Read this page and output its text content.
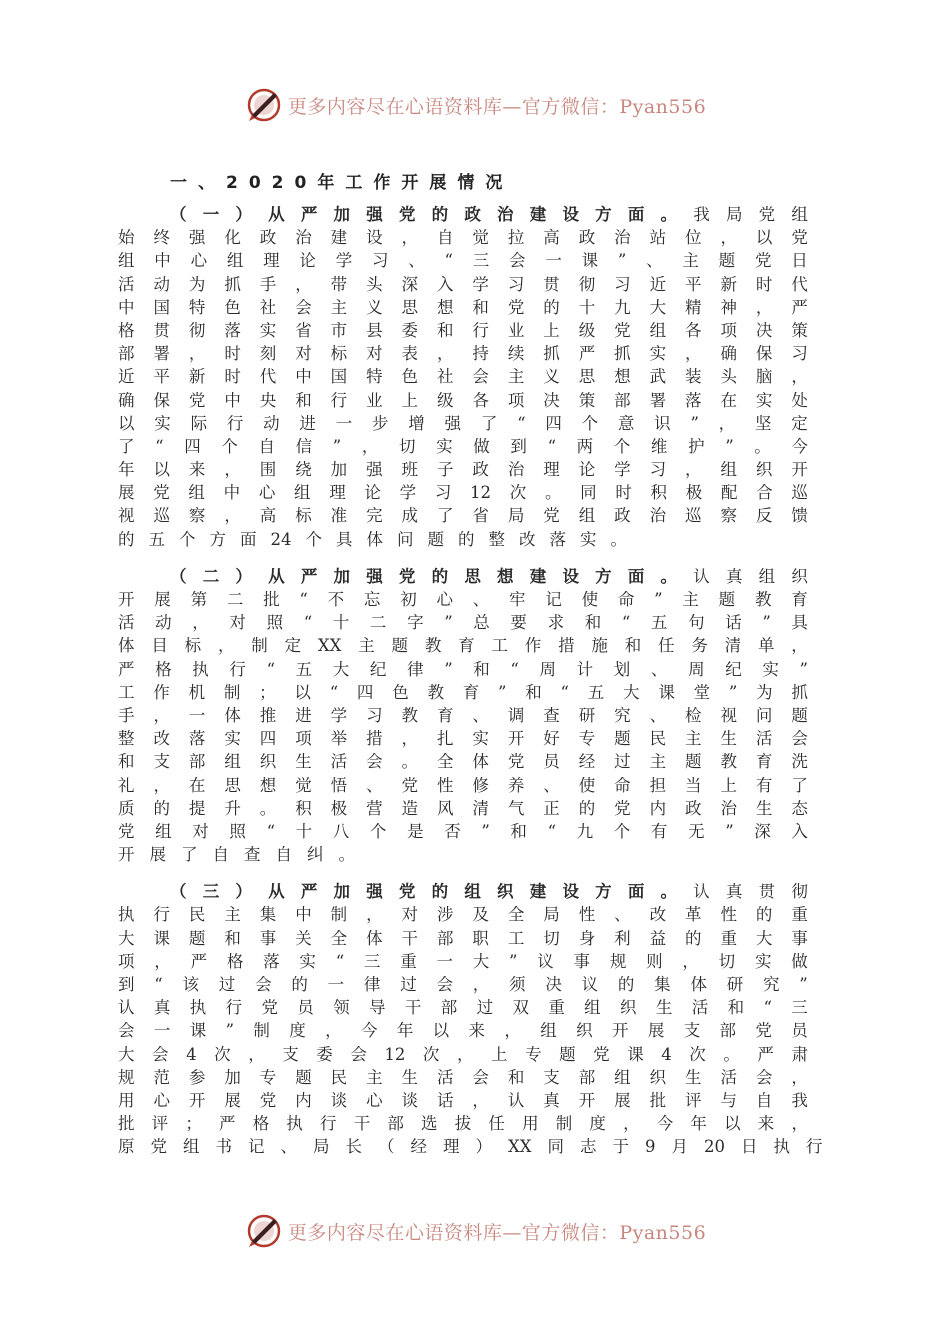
更多内容尽在心语资料库—官方微信：Pyan556
一、2020年工作开展情况
（ 一 ） 从 严 加 强 党 的 政 治 建 设 方 面 。 我 局 党 组
始 终 强 化 政 治 建 设 ， 自 觉 拉 高 政 治 站 位 ， 以 党
组 中 心 组 理 论 学 习 、 “ 三 会 一 课 ” 、 主 题 党 日
活 动 为 抓 手 ， 带 头 深 入 学 习 贯 彻 习 近 平 新 时 代
中 国 特 色 社 会 主 义 思 想 和 党 的 十 九 大 精 神 ， 严
格 贯 彻 落 实 省 市 县 委 和 行 业 上 级 党 组 各 项 决 策
部 署 ， 时 刻 对 标 对 表 ， 持 续 抓 严 抓 实 ， 确 保 习
近 平 新 时 代 中 国 特 色 社 会 主 义 思 想 武 装 头 脑 ，
确 保 党 中 央 和 行 业 上 级 各 项 决 策 部 署 落 在 实 处
以 实 际 行 动 进 一 步 增 强 了 “ 四 个 意 识 ” ， 坚 定
了 “ 四 个 自 信 ” ， 切 实 做 到 “ 两 个 维 护 ” 。 今
年 以 来 ， 围 绕 加 强 班 子 政 治 理 论 学 习 ， 组 织 开
展 党 组 中 心 组 理 论 学 习 12 次 。 同 时 积 极 配 合 巡
视 巡 察 ， 高 标 准 完 成 了 省 局 党 组 政 治 巡 察 反 馈
的 五 个 方 面 24 个 具 体 问 题 的 整 改 落 实 。
（ 二 ） 从 严 加 强 党 的 思 想 建 设 方 面 。 认 真 组 织
开 展 第 二 批 “ 不 忘 初 心 、 牢 记 使 命 ” 主 题 教 育
活 动 ， 对 照 “ 十 二 字 ” 总 要 求 和 “ 五 句 话 ” 具
体 目 标 ， 制 定 XX 主 题 教 育 工 作 措 施 和 任 务 清 单 ，
严 格 执 行 “ 五 大 纪 律 ” 和 “ 周 计 划 、 周 纪 实 ”
工 作 机 制 ； 以 “ 四 色 教 育 ” 和 “ 五 大 课 堂 ” 为 抓
手 ， 一 体 推 进 学 习 教 育 、 调 查 研 究 、 检 视 问 题
整 改 落 实 四 项 举 措 ， 扎 实 开 好 专 题 民 主 生 活 会
和 支 部 组 织 生 活 会 。 全 体 党 员 经 过 主 题 教 育 洗
礼 ， 在 思 想 觉 悟 、 党 性 修 养 、 使 命 担 当 上 有 了
质 的 提 升 。 积 极 营 造 风 清 气 正 的 党 内 政 治 生 态
党 组 对 照 “ 十 八 个 是 否 ” 和 “ 九 个 有 无 ” 深 入
开 展 了 自 查 自 纠 。
（ 三 ） 从 严 加 强 党 的 组 织 建 设 方 面 。 认 真 贯 彻
执 行 民 主 集 中 制 ， 对 涉 及 全 局 性 、 改 革 性 的 重
大 课 题 和 事 关 全 体 干 部 职 工 切 身 利 益 的 重 大 事
项 ， 严 格 落 实 “ 三 重 一 大 ” 议 事 规 则 ， 切 实 做
到 “ 该 过 会 的 一 律 过 会 ， 须 决 议 的 集 体 研 究 ”
认 真 执 行 党 员 领 导 干 部 过 双 重 组 织 生 活 和 “ 三
会 一 课 ” 制 度 ， 今 年 以 来 ， 组 织 开 展 支 部 党 员
大 会 4 次 ， 支 委 会 12 次 ， 上 专 题 党 课 4 次 。 严 肃
规 范 参 加 专 题 民 主 生 活 会 和 支 部 组 织 生 活 会 ，
用 心 开 展 党 内 谈 心 谈 话 ， 认 真 开 展 批 评 与 自 我
批 评 ； 严 格 执 行 干 部 选 拔 任 用 制 度 ， 今 年 以 来 ，
原 党 组 书 记 、 局 长 （ 经 理 ） XX 同 志 于 9 月 20 日 执 行
更多内容尽在心语资料库—官方微信：Pyan556
